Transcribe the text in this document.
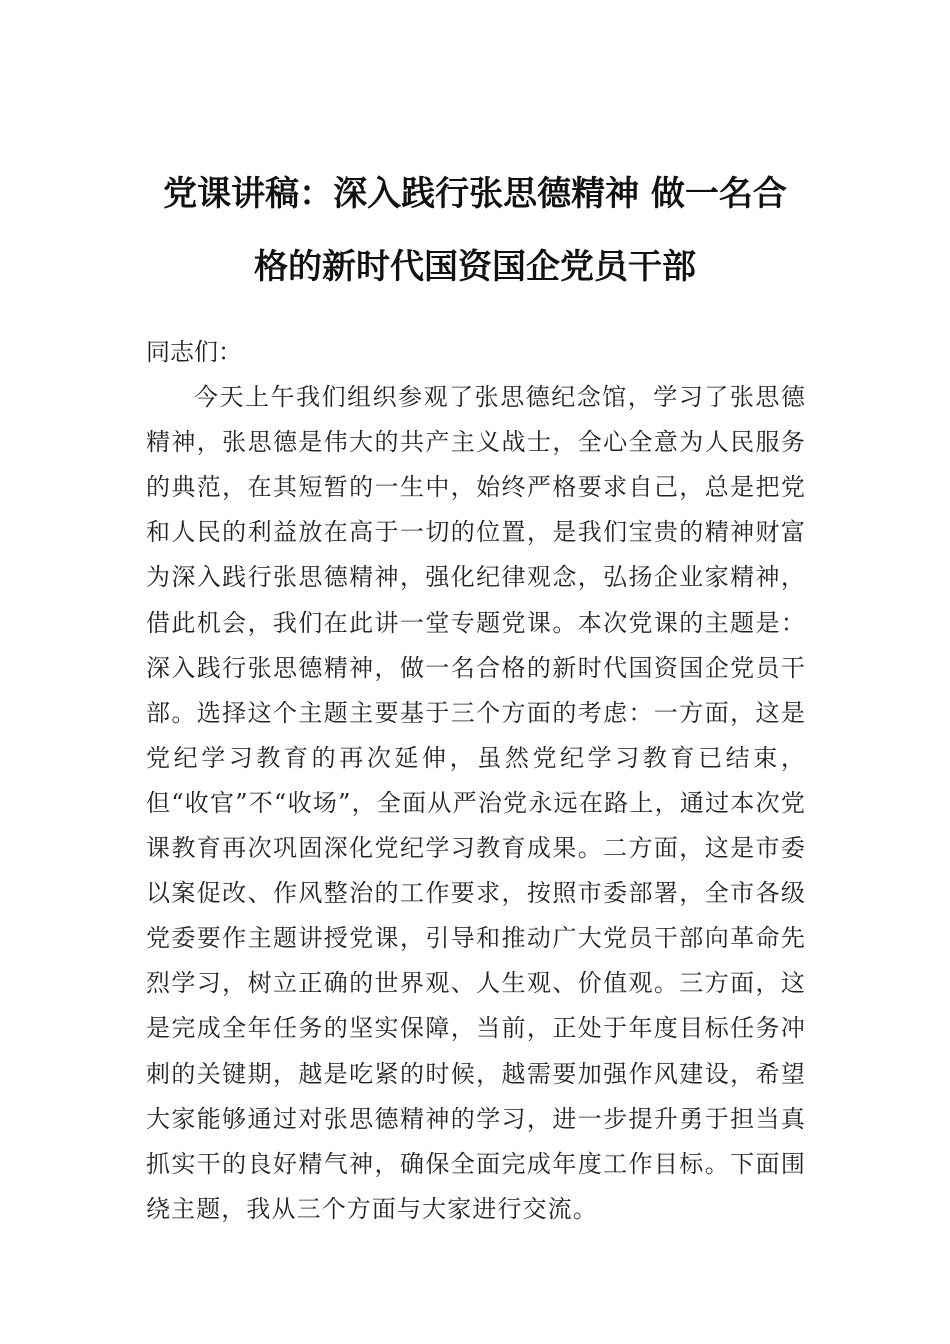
党课讲稿：深入践行张思德精神 做一名合
格的新时代国资国企党员干部

同志们：

今天上午我们组织参观了张思德纪念馆，学习了张思德精神，张思德是伟大的共产主义战士，全心全意为人民服务的典范，在其短暂的一生中，始终严格要求自己，总是把党和人民的利益放在高于一切的位置，是我们宝贵的精神财富为深入践行张思德精神，强化纪律观念，弘扬企业家精神，借此机会，我们在此讲一堂专题党课。本次党课的主题是：深入践行张思德精神，做一名合格的新时代国资国企党员干部。选择这个主题主要基于三个方面的考虑：一方面，这是党纪学习教育的再次延伸，虽然党纪学习教育已结束，但“收官”不“收场”，全面从严治党永远在路上，通过本次党课教育再次巩固深化党纪学习教育成果。二方面，这是市委以案促改、作风整治的工作要求，按照市委部署，全市各级党委要作主题讲授党课，引导和推动广大党员干部向革命先烈学习，树立正确的世界观、人生观、价值观。三方面，这是完成全年任务的坚实保障，当前，正处于年度目标任务冲刺的关键期，越是吃紧的时候，越需要加强作风建设，希望大家能够通过对张思德精神的学习，进一步提升勇于担当真抓实干的良好精气神，确保全面完成年度工作目标。下面围绕主题，我从三个方面与大家进行交流。
